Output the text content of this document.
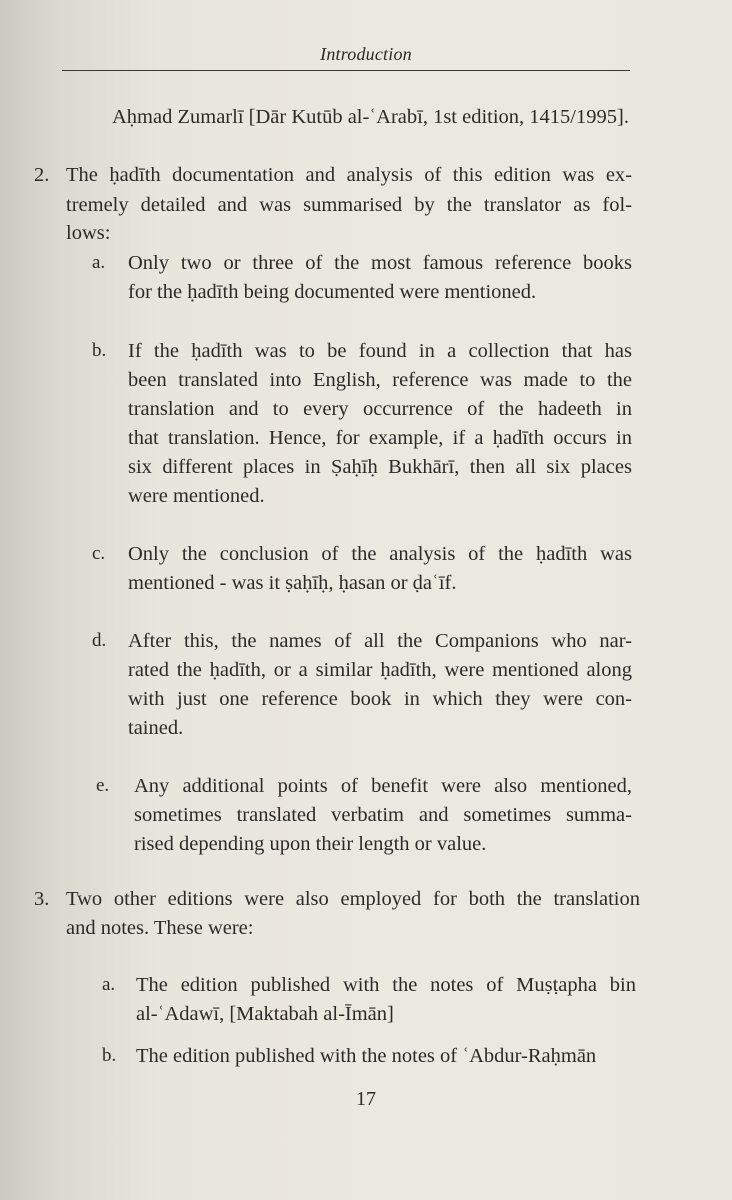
Introduction
Aḥmad Zumarlī [Dār Kutūb al-ʿArabī, 1st edition, 1415/1995].
2. The ḥadīth documentation and analysis of this edition was ex-
tremely detailed and was summarised by the translator as fol-
lows:
a. Only two or three of the most famous reference books
for the ḥadīth being documented were mentioned.
b. If the ḥadīth was to be found in a collection that has
been translated into English, reference was made to the
translation and to every occurrence of the hadeeth in
that translation. Hence, for example, if a ḥadīth occurs in
six different places in Ṣaḥīḥ Bukhārī, then all six places
were mentioned.
c. Only the conclusion of the analysis of the ḥadīth was
mentioned - was it ṣaḥīḥ, ḥasan or ḍaʿīf.
d. After this, the names of all the Companions who nar-
rated the ḥadīth, or a similar ḥadīth, were mentioned along
with just one reference book in which they were con-
tained.
e. Any additional points of benefit were also mentioned,
sometimes translated verbatim and sometimes summa-
rised depending upon their length or value.
3. Two other editions were also employed for both the translation
and notes. These were:
a. The edition published with the notes of Muṣṭapha bin
al-ʿAdawī, [Maktabah al-Īmān]
b. The edition published with the notes of ʿAbdur-Raḥmān
17
